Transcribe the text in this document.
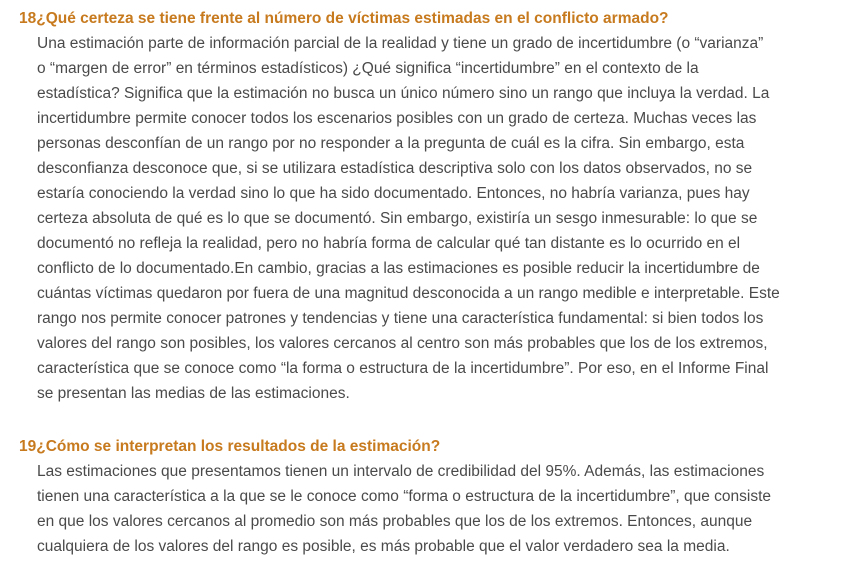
18¿Qué certeza se tiene frente al número de víctimas estimadas en el conflicto armado?
Una estimación parte de información parcial de la realidad y tiene un grado de incertidumbre (o “varianza”
o “margen de error” en términos estadísticos) ¿Qué significa “incertidumbre” en el contexto de la
estadística? Significa que la estimación no busca un único número sino un rango que incluya la verdad. La
incertidumbre permite conocer todos los escenarios posibles con un grado de certeza. Muchas veces las
personas desconfían de un rango por no responder a la pregunta de cuál es la cifra. Sin embargo, esta
desconfianza desconoce que, si se utilizara estadística descriptiva solo con los datos observados, no se
estaría conociendo la verdad sino lo que ha sido documentado. Entonces, no habría varianza, pues hay
certeza absoluta de qué es lo que se documentó. Sin embargo, existiría un sesgo inmesurable: lo que se
documentó no refleja la realidad, pero no habría forma de calcular qué tan distante es lo ocurrido en el
conflicto de lo documentado.En cambio, gracias a las estimaciones es posible reducir la incertidumbre de
cuántas víctimas quedaron por fuera de una magnitud desconocida a un rango medible e interpretable. Este
rango nos permite conocer patrones y tendencias y tiene una característica fundamental: si bien todos los
valores del rango son posibles, los valores cercanos al centro son más probables que los de los extremos,
característica que se conoce como “la forma o estructura de la incertidumbre”. Por eso, en el Informe Final
se presentan las medias de las estimaciones.
19¿Cómo se interpretan los resultados de la estimación?
Las estimaciones que presentamos tienen un intervalo de credibilidad del 95%. Además, las estimaciones
tienen una característica a la que se le conoce como “forma o estructura de la incertidumbre”, que consiste
en que los valores cercanos al promedio son más probables que los de los extremos. Entonces, aunque
cualquiera de los valores del rango es posible, es más probable que el valor verdadero sea la media.
